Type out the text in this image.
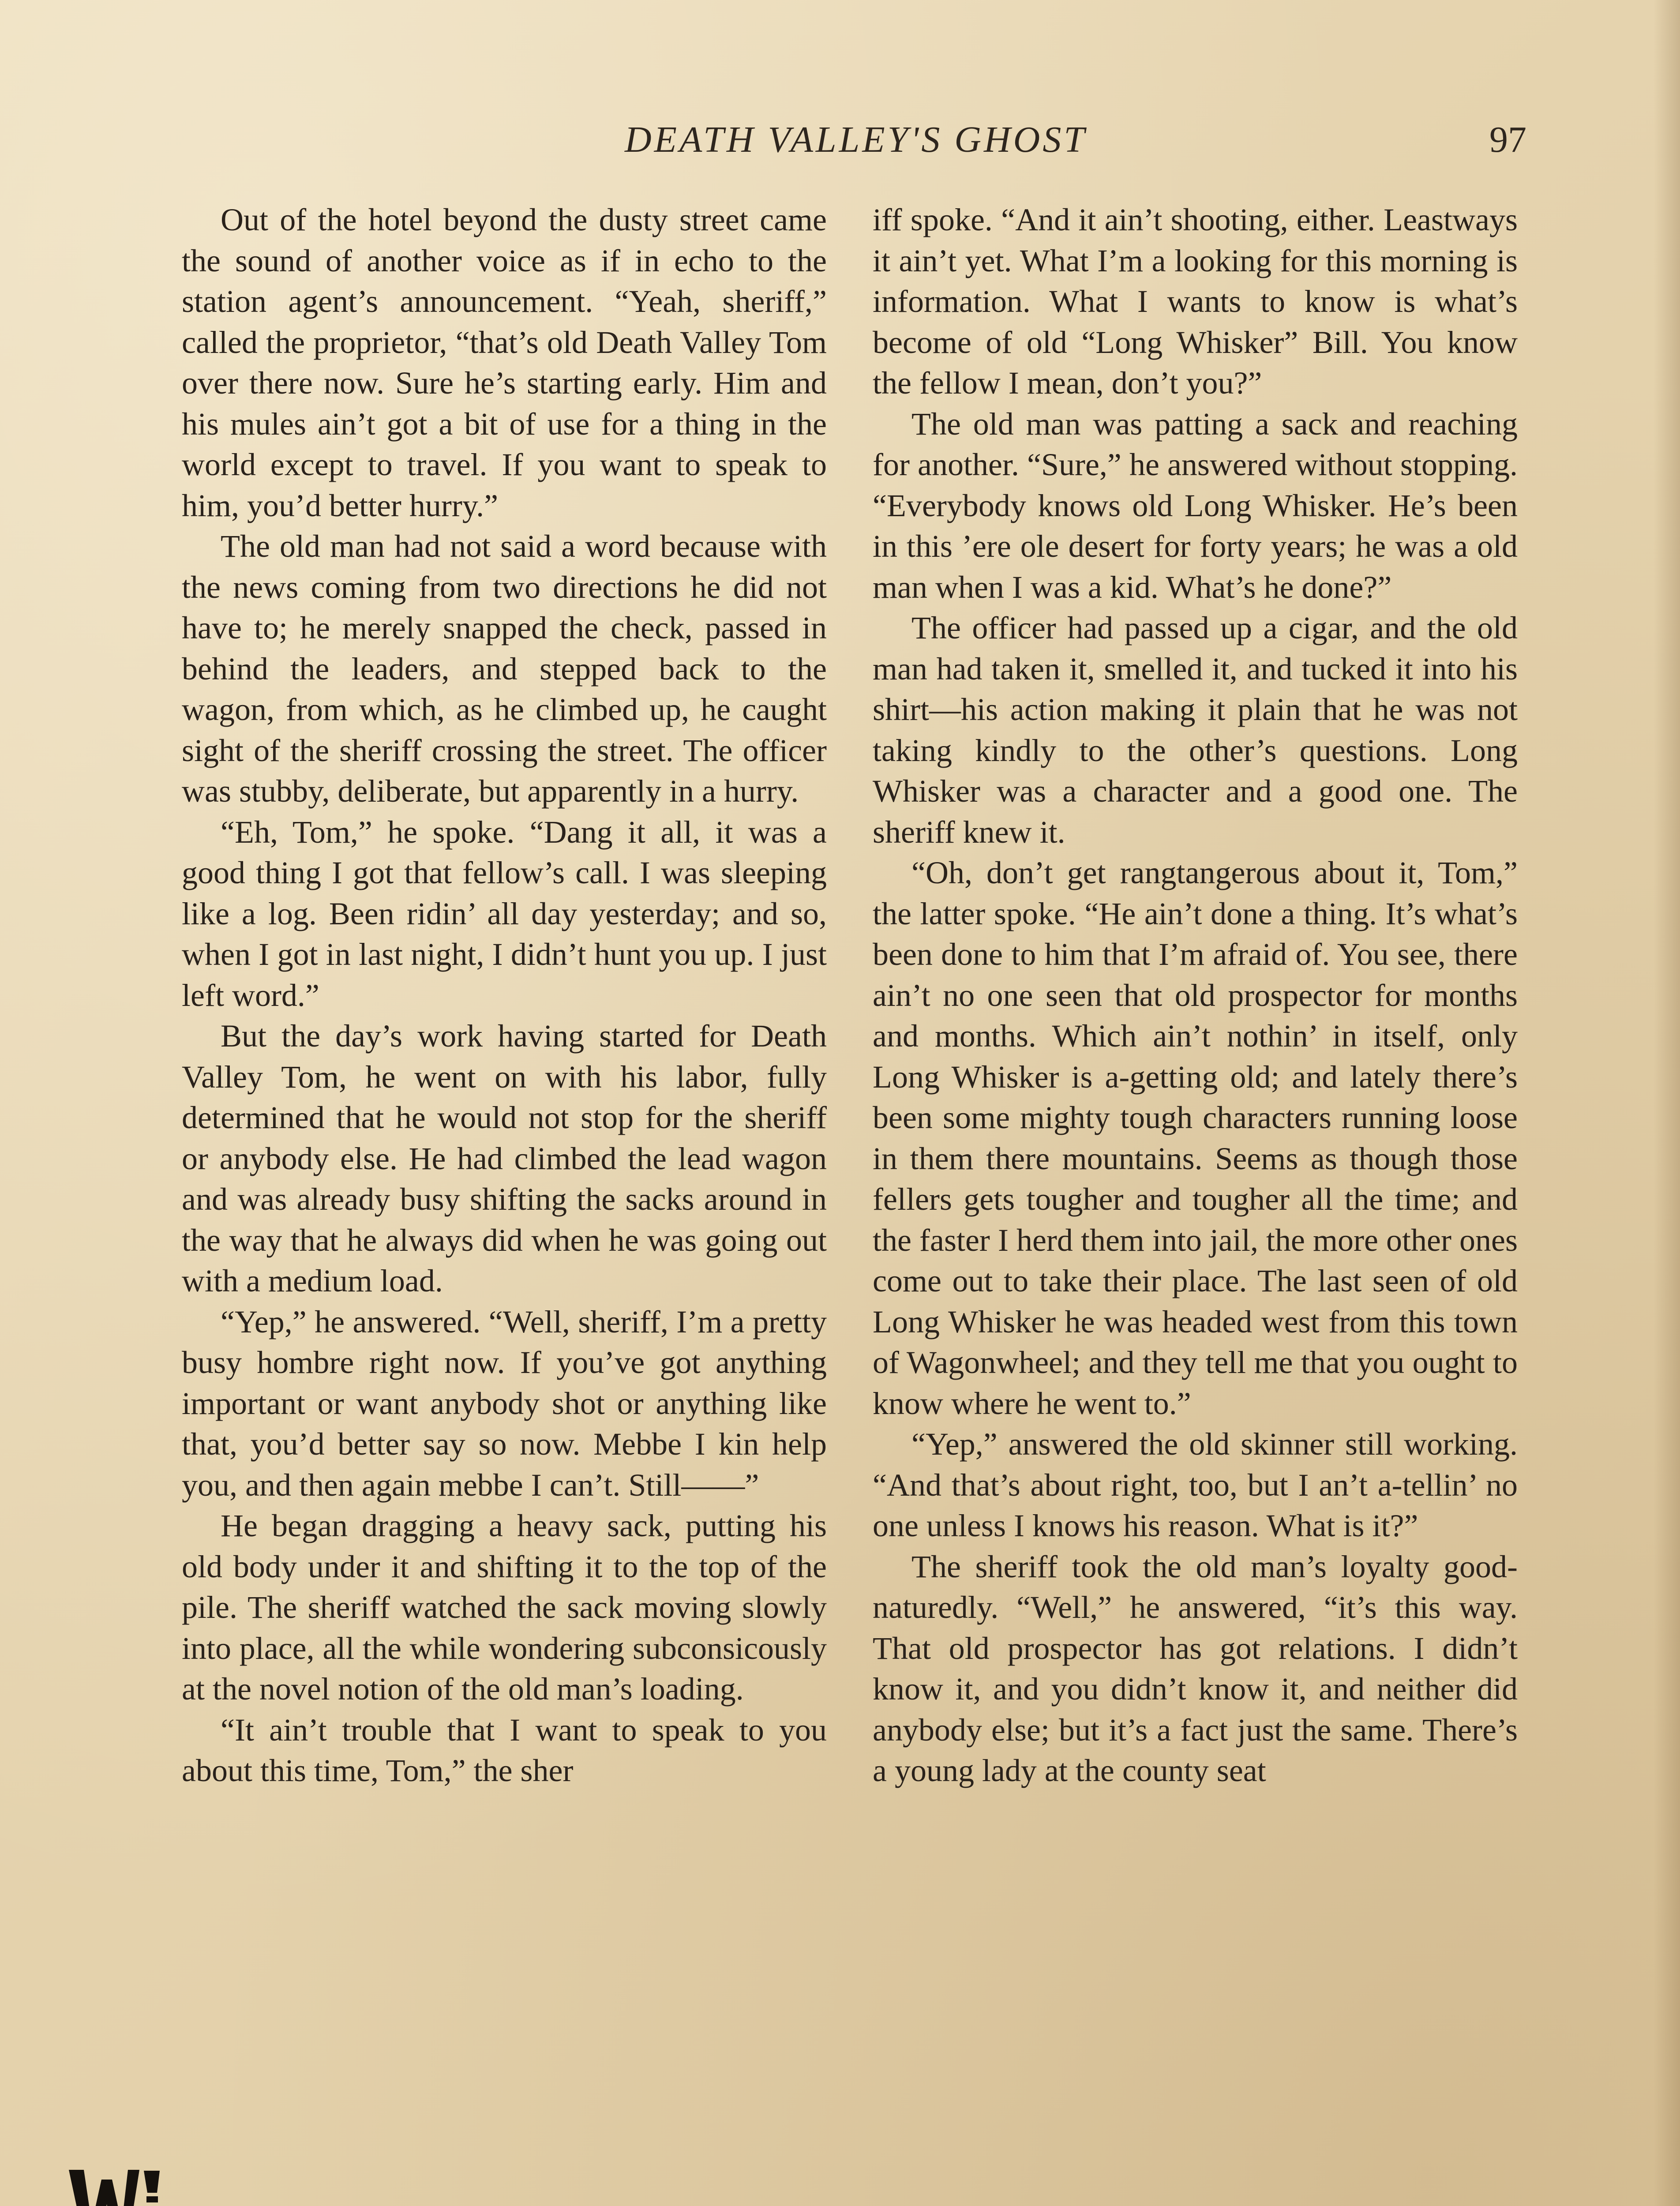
DEATH VALLEY'S GHOST	97

Out of the hotel beyond the dusty street came the sound of another voice as if in echo to the station agent’s announcement. “Yeah, sheriff,” called the proprietor, “that’s old Death Valley Tom over there now. Sure he’s starting early. Him and his mules ain’t got a bit of use for a thing in the world except to travel. If you want to speak to him, you’d better hurry.”

The old man had not said a word because with the news coming from two directions he did not have to; he merely snapped the check, passed in behind the leaders, and stepped back to the wagon, from which, as he climbed up, he caught sight of the sheriff crossing the street. The officer was stubby, deliberate, but apparently in a hurry.

“Eh, Tom,” he spoke. “Dang it all, it was a good thing I got that fellow’s call. I was sleeping like a log. Been ridin’ all day yesterday; and so, when I got in last night, I didn’t hunt you up. I just left word.”

But the day’s work having started for Death Valley Tom, he went on with his labor, fully determined that he would not stop for the sheriff or anybody else. He had climbed the lead wagon and was already busy shifting the sacks around in the way that he always did when he was going out with a medium load.

“Yep,” he answered. “Well, sheriff, I’m a pretty busy hombre right now. If you’ve got anything important or want anybody shot or anything like that, you’d better say so now. Mebbe I kin help you, and then again mebbe I can’t. Still——”

He began dragging a heavy sack, putting his old body under it and shifting it to the top of the pile. The sheriff watched the sack moving slowly into place, all the while wondering subconsicously at the novel notion of the old man’s loading.

“It ain’t trouble that I want to speak to you about this time, Tom,” the sher

iff spoke. “And it ain’t shooting, either. Leastways it ain’t yet. What I’m a looking for this morning is information. What I wants to know is what’s become of old “Long Whisker” Bill. You know the fellow I mean, don’t you?”

The old man was patting a sack and reaching for another. “Sure,” he answered without stopping. “Everybody knows old Long Whisker. He’s been in this ’ere ole desert for forty years; he was a old man when I was a kid. What’s he done?”

The officer had passed up a cigar, and the old man had taken it, smelled it, and tucked it into his shirt—his action making it plain that he was not taking kindly to the other’s questions. Long Whisker was a character and a good one. The sheriff knew it.

“Oh, don’t get rangtangerous about it, Tom,” the latter spoke. “He ain’t done a thing. It’s what’s been done to him that I’m afraid of. You see, there ain’t no one seen that old prospector for months and months. Which ain’t nothin’ in itself, only Long Whisker is a-getting old; and lately there’s been some mighty tough characters running loose in them there mountains. Seems as though those fellers gets tougher and tougher all the time; and the faster I herd them into jail, the more other ones come out to take their place. The last seen of old Long Whisker he was headed west from this town of Wagonwheel; and they tell me that you ought to know where he went to.”

“Yep,” answered the old skinner still working. “And that’s about right, too, but I an’t a-tellin’ no one unless I knows his reason. What is it?”

The sheriff took the old man’s loyalty good-naturedly. “Well,” he answered, “it’s this way. That old prospector has got relations. I didn’t know it, and you didn’t know it, and neither did anybody else; but it’s a fact just the same. There’s a young lady at the county seat
